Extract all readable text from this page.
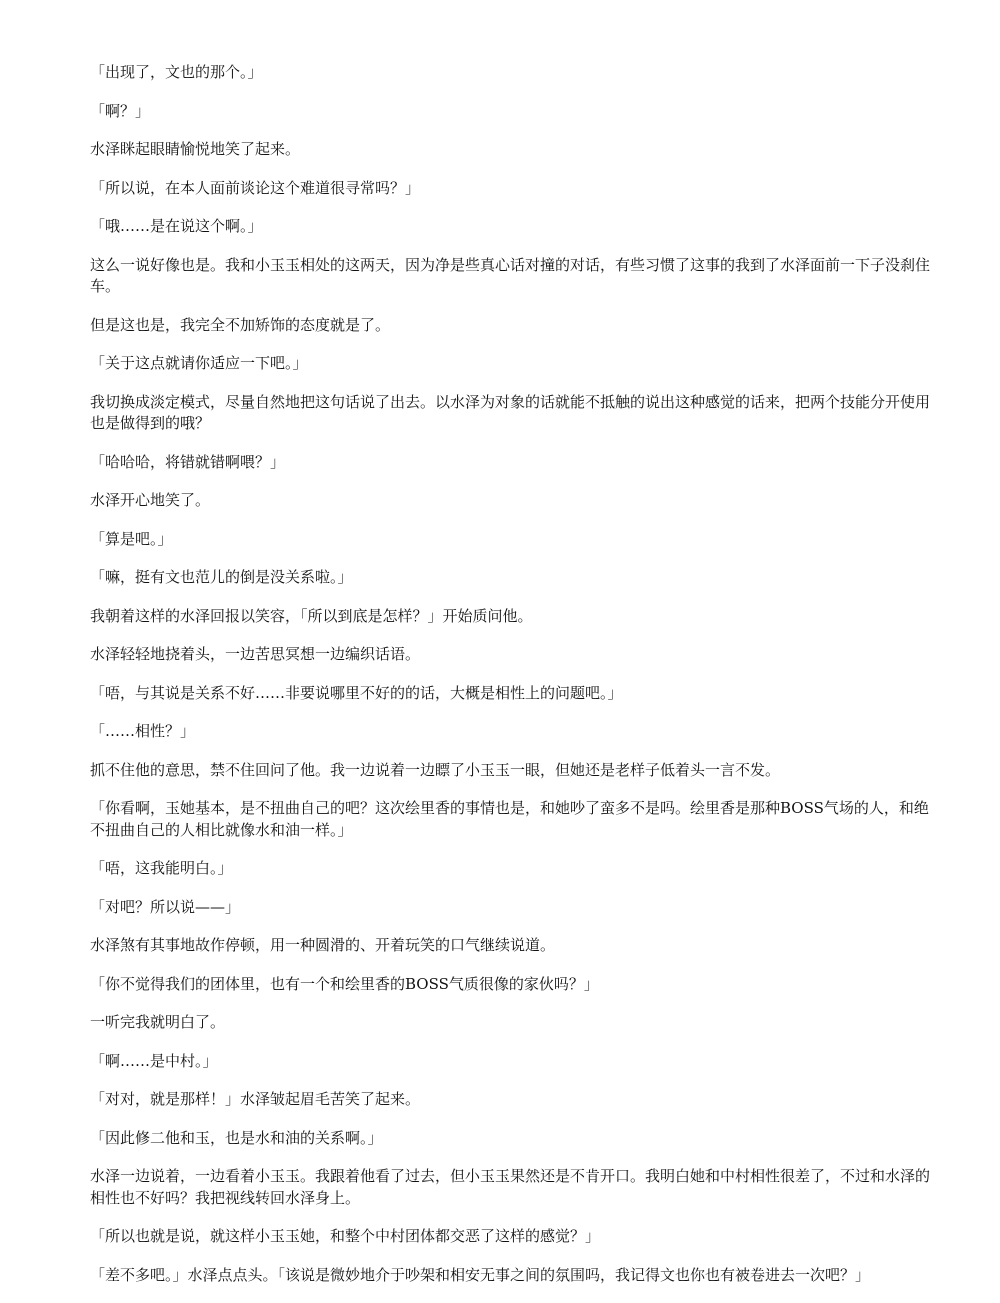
「出现了，文也的那个。」

「啊？」

水泽眯起眼睛愉悦地笑了起来。

「所以说，在本人面前谈论这个难道很寻常吗？」

「哦……是在说这个啊。」

这么一说好像也是。我和小玉玉相处的这两天，因为净是些真心话对撞的对话，有些习惯了这事的我到了水泽面前一下子没刹住车。

但是这也是，我完全不加矫饰的态度就是了。

「关于这点就请你适应一下吧。」

我切换成淡定模式，尽量自然地把这句话说了出去。以水泽为对象的话就能不抵触的说出这种感觉的话来，把两个技能分开使用也是做得到的哦？

「哈哈哈，将错就错啊喂？」

水泽开心地笑了。

「算是吧。」

「嘛，挺有文也范儿的倒是没关系啦。」

我朝着这样的水泽回报以笑容，「所以到底是怎样？」开始质问他。

水泽轻轻地挠着头，一边苦思冥想一边编织话语。

「唔，与其说是关系不好……非要说哪里不好的的话，大概是相性上的问题吧。」

「……相性？」

抓不住他的意思，禁不住回问了他。我一边说着一边瞟了小玉玉一眼，但她还是老样子低着头一言不发。

「你看啊，玉她基本，是不扭曲自己的吧？这次绘里香的事情也是，和她吵了蛮多不是吗。绘里香是那种BOSS气场的人，和绝不扭曲自己的人相比就像水和油一样。」

「唔，这我能明白。」

「对吧？所以说——」

水泽煞有其事地故作停顿，用一种圆滑的、开着玩笑的口气继续说道。

「你不觉得我们的团体里，也有一个和绘里香的BOSS气质很像的家伙吗？」

一听完我就明白了。

「啊……是中村。」

「对对，就是那样！」水泽皱起眉毛苦笑了起来。

「因此修二他和玉，也是水和油的关系啊。」

水泽一边说着，一边看着小玉玉。我跟着他看了过去，但小玉玉果然还是不肯开口。我明白她和中村相性很差了，不过和水泽的相性也不好吗？我把视线转回水泽身上。

「所以也就是说，就这样小玉玉她，和整个中村团体都交恶了这样的感觉？」

「差不多吧。」水泽点点头。「该说是微妙地介于吵架和相安无事之间的氛围吗，我记得文也你也有被卷进去一次吧？」
